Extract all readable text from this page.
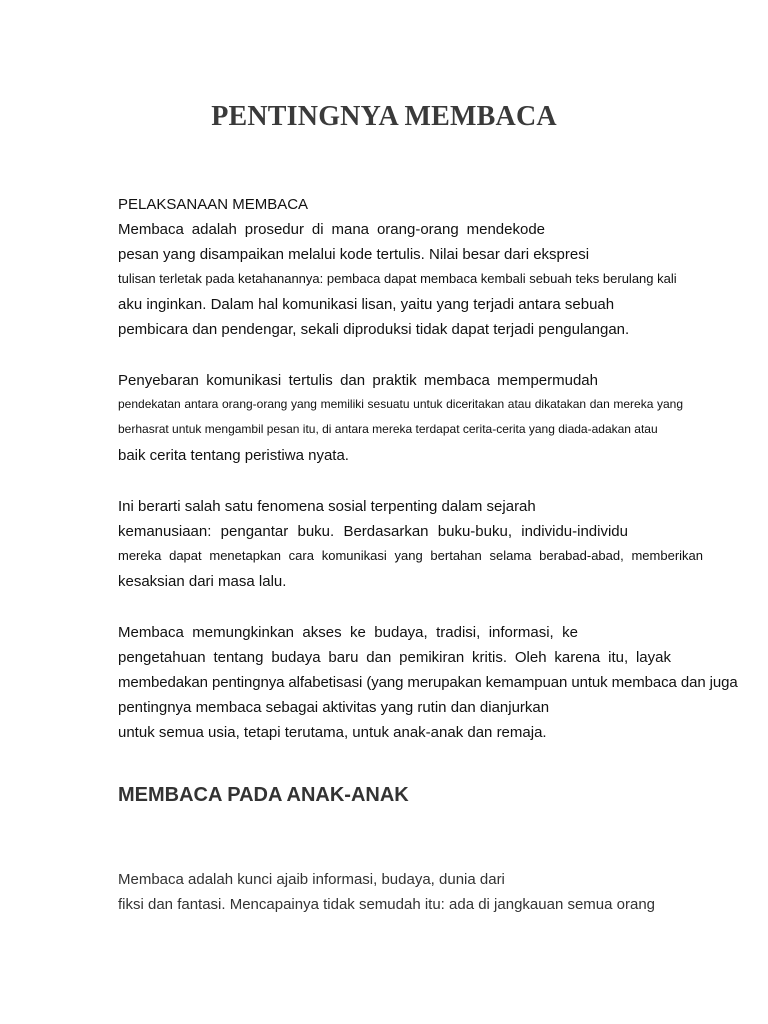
PENTINGNYA MEMBACA

PELAKSANAAN MEMBACA

Membaca adalah prosedur di mana orang-orang mendekode

pesan yang disampaikan melalui kode tertulis. Nilai besar dari ekspresi

tulisan terletak pada ketahanannya: pembaca dapat membaca kembali sebuah teks berulang kali

aku inginkan. Dalam hal komunikasi lisan, yaitu yang terjadi antara sebuah

pembicara dan pendengar, sekali diproduksi tidak dapat terjadi pengulangan.

Penyebaran komunikasi tertulis dan praktik membaca mempermudah

pendekatan antara orang-orang yang memiliki sesuatu untuk diceritakan atau dikatakan dan mereka yang

berhasrat untuk mengambil pesan itu, di antara mereka terdapat cerita-cerita yang diada-adakan atau

baik cerita tentang peristiwa nyata.

Ini berarti salah satu fenomena sosial terpenting dalam sejarah

kemanusiaan: pengantar buku. Berdasarkan buku-buku, individu-individu

mereka dapat menetapkan cara komunikasi yang bertahan selama berabad-abad, memberikan

kesaksian dari masa lalu.

Membaca memungkinkan akses ke budaya, tradisi, informasi, ke

pengetahuan tentang budaya baru dan pemikiran kritis. Oleh karena itu, layak

membedakan pentingnya alfabetisasi (yang merupakan kemampuan untuk membaca dan juga

pentingnya membaca sebagai aktivitas yang rutin dan dianjurkan

untuk semua usia, tetapi terutama, untuk anak-anak dan remaja.

MEMBACA PADA ANAK-ANAK

Membaca adalah kunci ajaib informasi, budaya, dunia dari

fiksi dan fantasi. Mencapainya tidak semudah itu: ada di jangkauan semua orang
